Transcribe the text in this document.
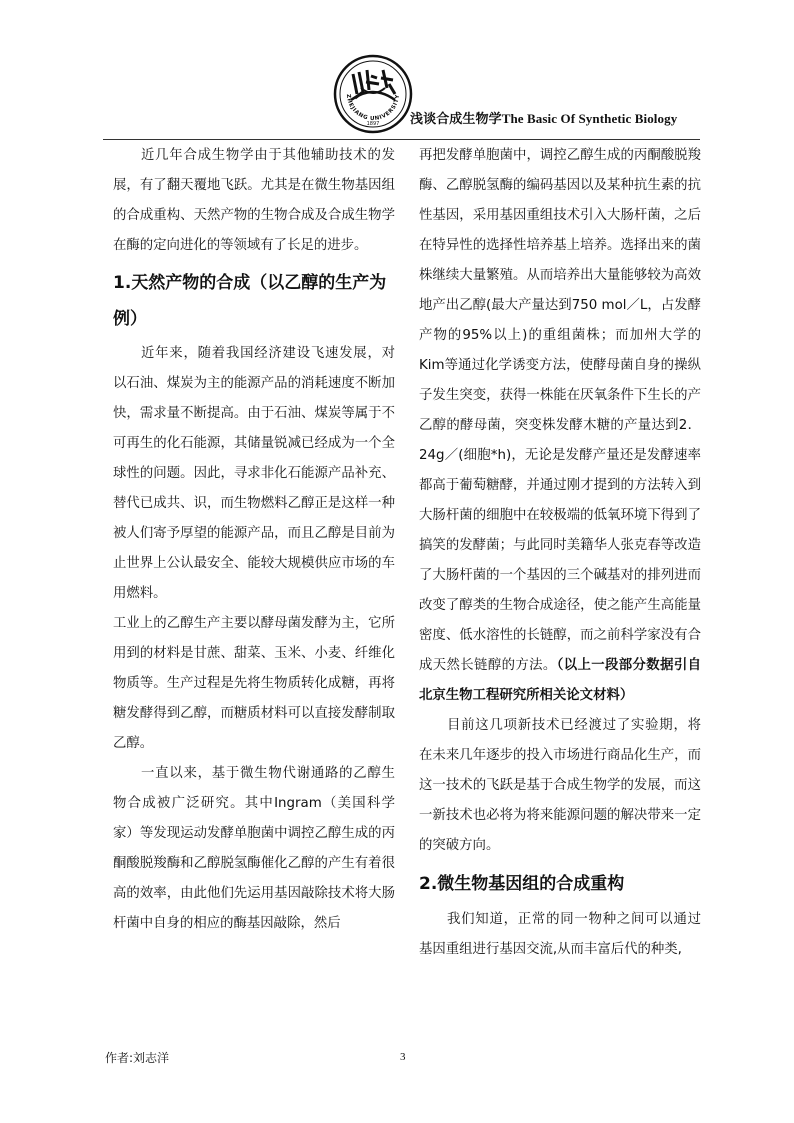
ZHEJIANG UNIVERSITY
1897 浅谈合成生物学The Basic Of Synthetic Biology

近几年合成生物学由于其他辅助技术的发展，有了翻天覆地飞跃。尤其是在微生物基因组的合成重构、天然产物的生物合成及合成生物学在酶的定向进化的等领域有了长足的进步。

1.天然产物的合成（以乙醇的生产为例）

近年来，随着我国经济建设飞速发展，对以石油、煤炭为主的能源产品的消耗速度不断加快，需求量不断提高。由于石油、煤炭等属于不可再生的化石能源，其储量锐减已经成为一个全球性的问题。因此，寻求非化石能源产品补充、替代已成共、识，而生物燃料乙醇正是这样一种被人们寄予厚望的能源产品，而且乙醇是目前为止世界上公认最安全、能较大规模供应市场的车用燃料。

工业上的乙醇生产主要以酵母菌发酵为主，它所用到的材料是甘蔗、甜菜、玉米、小麦、纤维化物质等。生产过程是先将生物质转化成糖，再将糖发酵得到乙醇，而糖质材料可以直接发酵制取乙醇。

一直以来，基于微生物代谢通路的乙醇生物合成被广泛研究。其中Ingram（美国科学家）等发现运动发酵单胞菌中调控乙醇生成的丙酮酸脱羧酶和乙醇脱氢酶催化乙醇的产生有着很高的效率，由此他们先运用基因敲除技术将大肠杆菌中自身的相应的酶基因敲除，然后

再把发酵单胞菌中，调控乙醇生成的丙酮酸脱羧酶、乙醇脱氢酶的编码基因以及某种抗生素的抗性基因，采用基因重组技术引入大肠杆菌，之后在特异性的选择性培养基上培养。选择出来的菌株继续大量繁殖。从而培养出大量能够较为高效地产出乙醇(最大产量达到750 mol／L，占发酵产物的95%以上)的重组菌株；而加州大学的Kim等通过化学诱变方法，使酵母菌自身的操纵子发生突变，获得一株能在厌氧条件下生长的产乙醇的酵母菌，突变株发酵木糖的产量达到2．24g／(细胞*h)，无论是发酵产量还是发酵速率都高于葡萄糖酵，并通过刚才提到的方法转入到大肠杆菌的细胞中在较极端的低氧环境下得到了搞笑的发酵菌；与此同时美籍华人张克春等改造了大肠杆菌的一个基因的三个碱基对的排列进而改变了醇类的生物合成途径，使之能产生高能量密度、低水溶性的长链醇，而之前科学家没有合成天然长链醇的方法。（以上一段部分数据引自北京生物工程研究所相关论文材料）

目前这几项新技术已经渡过了实验期，将在未来几年逐步的投入市场进行商品化生产，而这一技术的飞跃是基于合成生物学的发展，而这一新技术也必将为将来能源问题的解决带来一定的突破方向。

2.微生物基因组的合成重构

我们知道，正常的同一物种之间可以通过基因重组进行基因交流,从而丰富后代的种类,

作者:刘志洋	3
